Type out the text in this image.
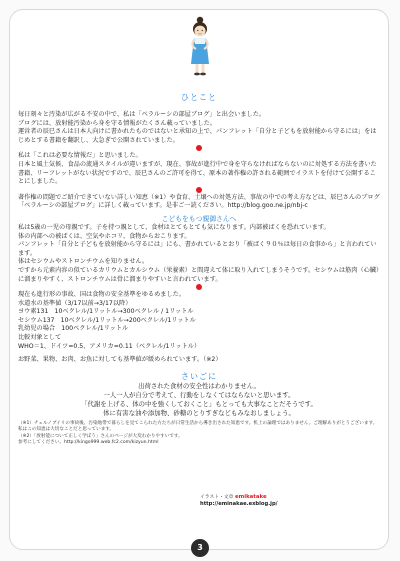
ひとこと

毎日刻々と汚染が広がる不安の中で、私は「ベラルーシの部屋ブログ」と出会いました。
ブログには、放射能汚染から身を守る情報がたくさん載っていました。
運営者の辰巳さんは日本人向けに書かれたものではないと承知の上で、パンフレット「自分と子どもを放射能から守るには」をはじめとする書籍を翻訳し、大急ぎで公開されていました。

私は「これは必要な情報だ」と思いました。
日本と風土気候、食品の流通スタイルが違いますが、現在、事故が進行中で身を守らなければならないのに対処する方法を書いた書籍、リーフレットがない状況ですので、辰巳さんのご許可を得て、原本の著作権の許される範囲でイラストを付けて公開することにしました。

著作権の問題でご紹介できていない詳しい知恵（※1）や食育、土壌への対処方法、事故の中での考え方などは、辰巳さんのブログ「ベラルーシの部屋ブログ」に詳しく載っています。是非ご一読ください。http://blog.goo.ne.jp/nbj-c

こどもをもつ親御さんへ

私は5歳の一児の母親です。子を持つ親として、食材はとてもとても気になります。内部被ばくを恐れています。
体の内部への被ばくは、空気やホコリ、食物からおこります。
パンフレット「自分と子どもを放射能から守るには」にも、書かれているとおり「被ばく９０％は毎日の食事から」と言われています。
体はセシウムやストロンチウムを知りません。
ですから元素内容の似ているカリウムとカルシウム（栄養素）と間違えて体に取り入れてしまうそうです。セシウムは筋肉（心臓）に溜まりやすく、ストロンチウムは骨に溜まりやすいと言われています。

現在も進行形の事故、国は食物の安全基準をゆるめました。
水道水の基準値（3/17以前→3/17以降）
ヨウ素131　10ベクレル/1リットル→300ベクレル / 1リットル
セシウム137　10ベクレル/1リットル→200ベクレル/1リットル
乳幼児の場合　100ベクレル/1リットル
比較対象として
WHO＝1、ドイツ=0.5、アメリカ=0.11（ベクレル/1リットル）

お野菜、果物、お肉、お魚に対しても基準値が緩められています。（※2）

さいごに

出荷された食材の安全性はわかりません。
一人一人が自分で考えて、行動をしなくてはならないと思います。
「代謝を上げる、体の中を強くしておくこと」もとっても大事なことだそうです。
体に有害な油や添加物、砂糖のとりすぎなどもみなおしましょう。

（※1）チェルノブイリの事故後、汚染地帯で暮らしを見てこられた方たちが日常生活から導き出された知恵です。机上の論理ではありません。ご理解ありがとうございます。私はこの知恵は大切なことだと思っています。
（※2）「放射能について正しく学ぼう」さんのページが大変わかりやすいです。
参考にしてください。http://kingo999.web.fc2.com/kizyun.html

イラスト・文章 emikatake
http://eminakae.exblog.jp/
3
